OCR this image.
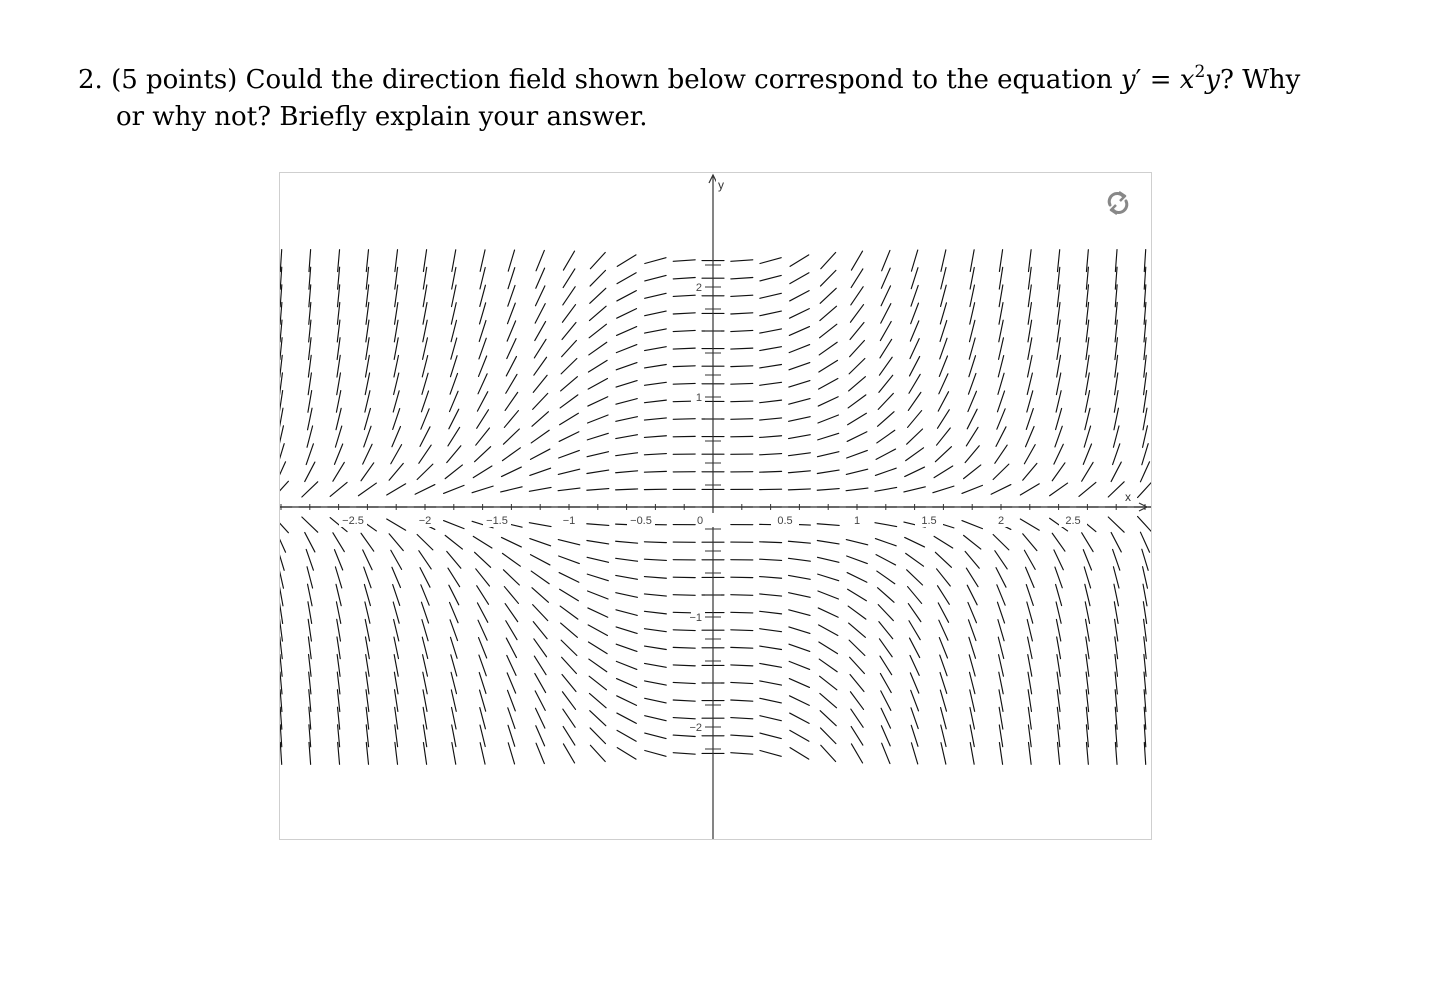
2. (5 points) Could the direction field shown below correspond to the equation $y' = x^2y$? Why
or why not? Briefly explain your answer.
−2.5	−2	−1.5	−1	−0.5	0	0.5	1	1.5	2	2.5
−2
−1
1
2
x
y
